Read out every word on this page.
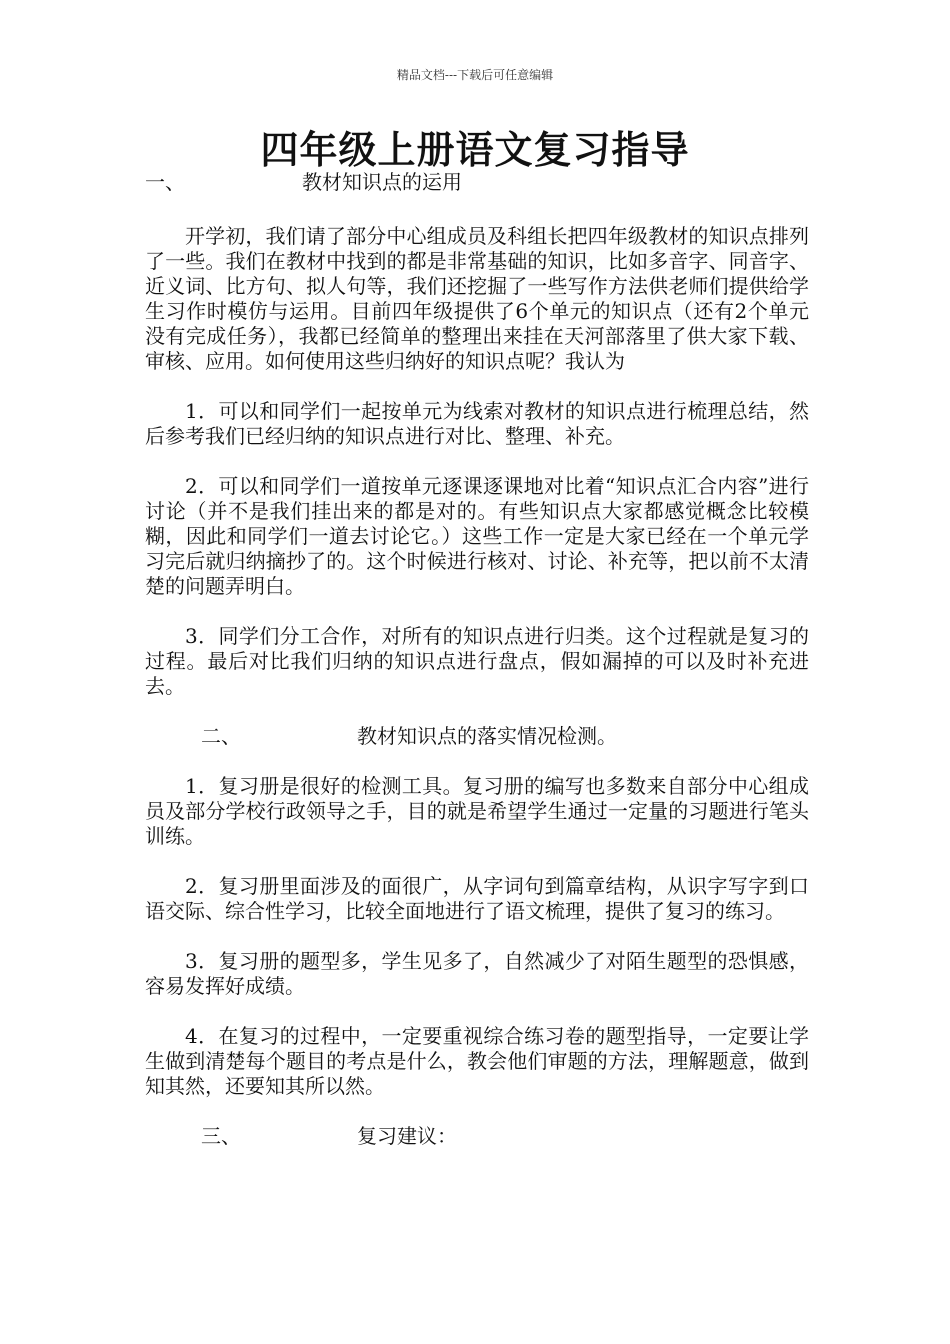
精品文档---下载后可任意编辑
四年级上册语文复习指导
一、	教材知识点的运用

开学初，我们请了部分中心组成员及科组长把四年级教材的知识点排列了一些。我们在教材中找到的都是非常基础的知识，比如多音字、同音字、近义词、比方句、拟人句等，我们还挖掘了一些写作方法供老师们提供给学生习作时模仿与运用。目前四年级提供了6个单元的知识点（还有2个单元没有完成任务），我都已经简单的整理出来挂在天河部落里了供大家下载、审核、应用。如何使用这些归纳好的知识点呢？我认为

1．可以和同学们一起按单元为线索对教材的知识点进行梳理总结，然后参考我们已经归纳的知识点进行对比、整理、补充。

2．可以和同学们一道按单元逐课逐课地对比着“知识点汇合内容”进行讨论（并不是我们挂出来的都是对的。有些知识点大家都感觉概念比较模糊，因此和同学们一道去讨论它。）这些工作一定是大家已经在一个单元学习完后就归纳摘抄了的。这个时候进行核对、讨论、补充等，把以前不太清楚的问题弄明白。

3．同学们分工合作，对所有的知识点进行归类。这个过程就是复习的过程。最后对比我们归纳的知识点进行盘点，假如漏掉的可以及时补充进去。

二、	教材知识点的落实情况检测。

1．复习册是很好的检测工具。复习册的编写也多数来自部分中心组成员及部分学校行政领导之手，目的就是希望学生通过一定量的习题进行笔头训练。

2．复习册里面涉及的面很广，从字词句到篇章结构，从识字写字到口语交际、综合性学习，比较全面地进行了语文梳理，提供了复习的练习。

3．复习册的题型多，学生见多了，自然减少了对陌生题型的恐惧感，容易发挥好成绩。

4．在复习的过程中，一定要重视综合练习卷的题型指导，一定要让学生做到清楚每个题目的考点是什么，教会他们审题的方法，理解题意，做到知其然，还要知其所以然。

三、	复习建议：
